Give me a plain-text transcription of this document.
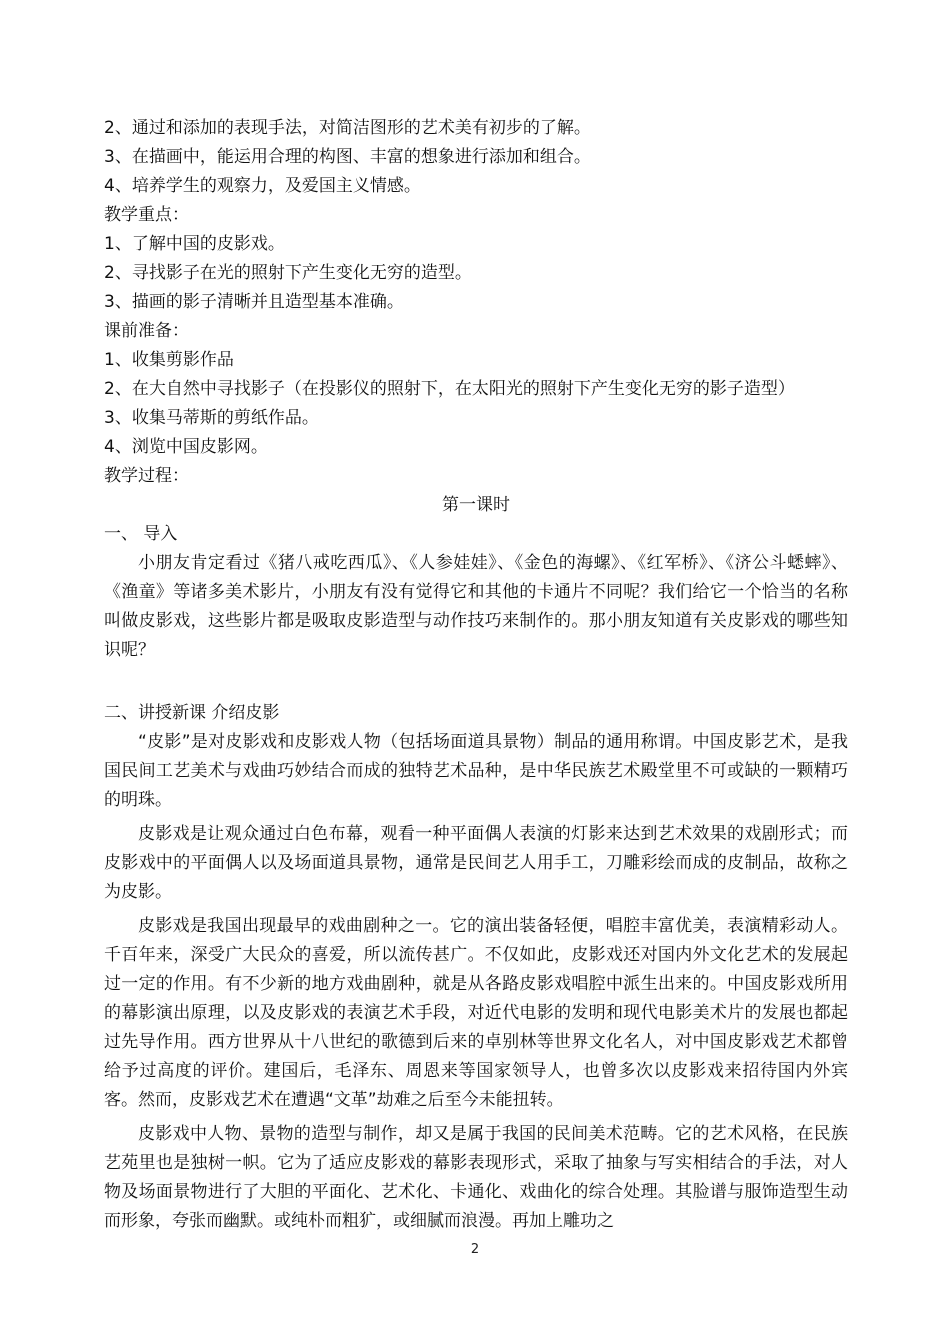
2、通过和添加的表现手法，对简洁图形的艺术美有初步的了解。

3、在描画中，能运用合理的构图、丰富的想象进行添加和组合。

4、培养学生的观察力，及爱国主义情感。

教学重点：

1、了解中国的皮影戏。

2、寻找影子在光的照射下产生变化无穷的造型。

3、描画的影子清晰并且造型基本准确。

课前准备：

1、收集剪影作品

2、在大自然中寻找影子（在投影仪的照射下，在太阳光的照射下产生变化无穷的影子造型）

3、收集马蒂斯的剪纸作品。

4、浏览中国皮影网。

教学过程：

第一课时

一、 导入

小朋友肯定看过《猪八戒吃西瓜》、《人参娃娃》、《金色的海螺》、《红军桥》、《济公斗蟋蟀》、《渔童》等诸多美术影片，小朋友有没有觉得它和其他的卡通片不同呢？我们给它一个恰当的名称叫做皮影戏，这些影片都是吸取皮影造型与动作技巧来制作的。那小朋友知道有关皮影戏的哪些知识呢？

二、讲授新课 介绍皮影

“皮影”是对皮影戏和皮影戏人物（包括场面道具景物）制品的通用称谓。中国皮影艺术，是我国民间工艺美术与戏曲巧妙结合而成的独特艺术品种，是中华民族艺术殿堂里不可或缺的一颗精巧的明珠。

皮影戏是让观众通过白色布幕，观看一种平面偶人表演的灯影来达到艺术效果的戏剧形式；而皮影戏中的平面偶人以及场面道具景物，通常是民间艺人用手工，刀雕彩绘而成的皮制品，故称之为皮影。

皮影戏是我国出现最早的戏曲剧种之一。它的演出装备轻便，唱腔丰富优美，表演精彩动人。千百年来，深受广大民众的喜爱，所以流传甚广。不仅如此，皮影戏还对国内外文化艺术的发展起过一定的作用。有不少新的地方戏曲剧种，就是从各路皮影戏唱腔中派生出来的。中国皮影戏所用的幕影演出原理，以及皮影戏的表演艺术手段，对近代电影的发明和现代电影美术片的发展也都起过先导作用。西方世界从十八世纪的歌德到后来的卓别林等世界文化名人，对中国皮影戏艺术都曾给予过高度的评价。建国后，毛泽东、周恩来等国家领导人，也曾多次以皮影戏来招待国内外宾客。然而，皮影戏艺术在遭遇“文革”劫难之后至今未能扭转。

皮影戏中人物、景物的造型与制作，却又是属于我国的民间美术范畴。它的艺术风格，在民族艺苑里也是独树一帜。它为了适应皮影戏的幕影表现形式，采取了抽象与写实相结合的手法，对人物及场面景物进行了大胆的平面化、艺术化、卡通化、戏曲化的综合处理。其脸谱与服饰造型生动而形象，夸张而幽默。或纯朴而粗犷，或细腻而浪漫。再加上雕功之

2
